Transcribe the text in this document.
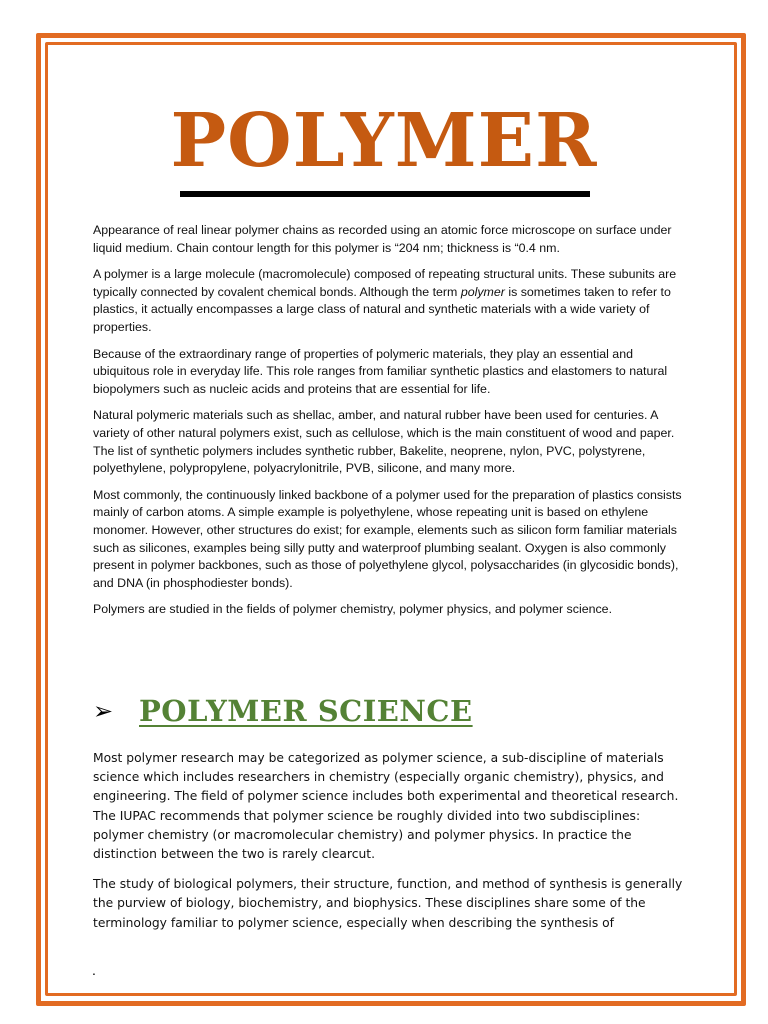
POLYMER

Appearance of real linear polymer chains as recorded using an atomic force microscope on surface under liquid medium. Chain contour length for this polymer is “204 nm; thickness is “0.4 nm.

A polymer is a large molecule (macromolecule) composed of repeating structural units. These subunits are typically connected by covalent chemical bonds. Although the term polymer is sometimes taken to refer to plastics, it actually encompasses a large class of natural and synthetic materials with a wide variety of properties.

Because of the extraordinary range of properties of polymeric materials, they play an essential and ubiquitous role in everyday life. This role ranges from familiar synthetic plastics and elastomers to natural biopolymers such as nucleic acids and proteins that are essential for life.

Natural polymeric materials such as shellac, amber, and natural rubber have been used for centuries. A variety of other natural polymers exist, such as cellulose, which is the main constituent of wood and paper. The list of synthetic polymers includes synthetic rubber, Bakelite, neoprene, nylon, PVC, polystyrene, polyethylene, polypropylene, polyacrylonitrile, PVB, silicone, and many more.

Most commonly, the continuously linked backbone of a polymer used for the preparation of plastics consists mainly of carbon atoms. A simple example is polyethylene, whose repeating unit is based on ethylene monomer. However, other structures do exist; for example, elements such as silicon form familiar materials such as silicones, examples being silly putty and waterproof plumbing sealant. Oxygen is also commonly present in polymer backbones, such as those of polyethylene glycol, polysaccharides (in glycosidic bonds), and DNA (in phosphodiester bonds).

Polymers are studied in the fields of polymer chemistry, polymer physics, and polymer science.

➢ POLYMER SCIENCE

Most polymer research may be categorized as polymer science, a sub-discipline of materials science which includes researchers in chemistry (especially organic chemistry), physics, and engineering. The field of polymer science includes both experimental and theoretical research. The IUPAC recommends that polymer science be roughly divided into two subdisciplines: polymer chemistry (or macromolecular chemistry) and polymer physics. In practice the distinction between the two is rarely clearcut.

The study of biological polymers, their structure, function, and method of synthesis is generally the purview of biology, biochemistry, and biophysics. These disciplines share some of the terminology familiar to polymer science, especially when describing the synthesis of

.
